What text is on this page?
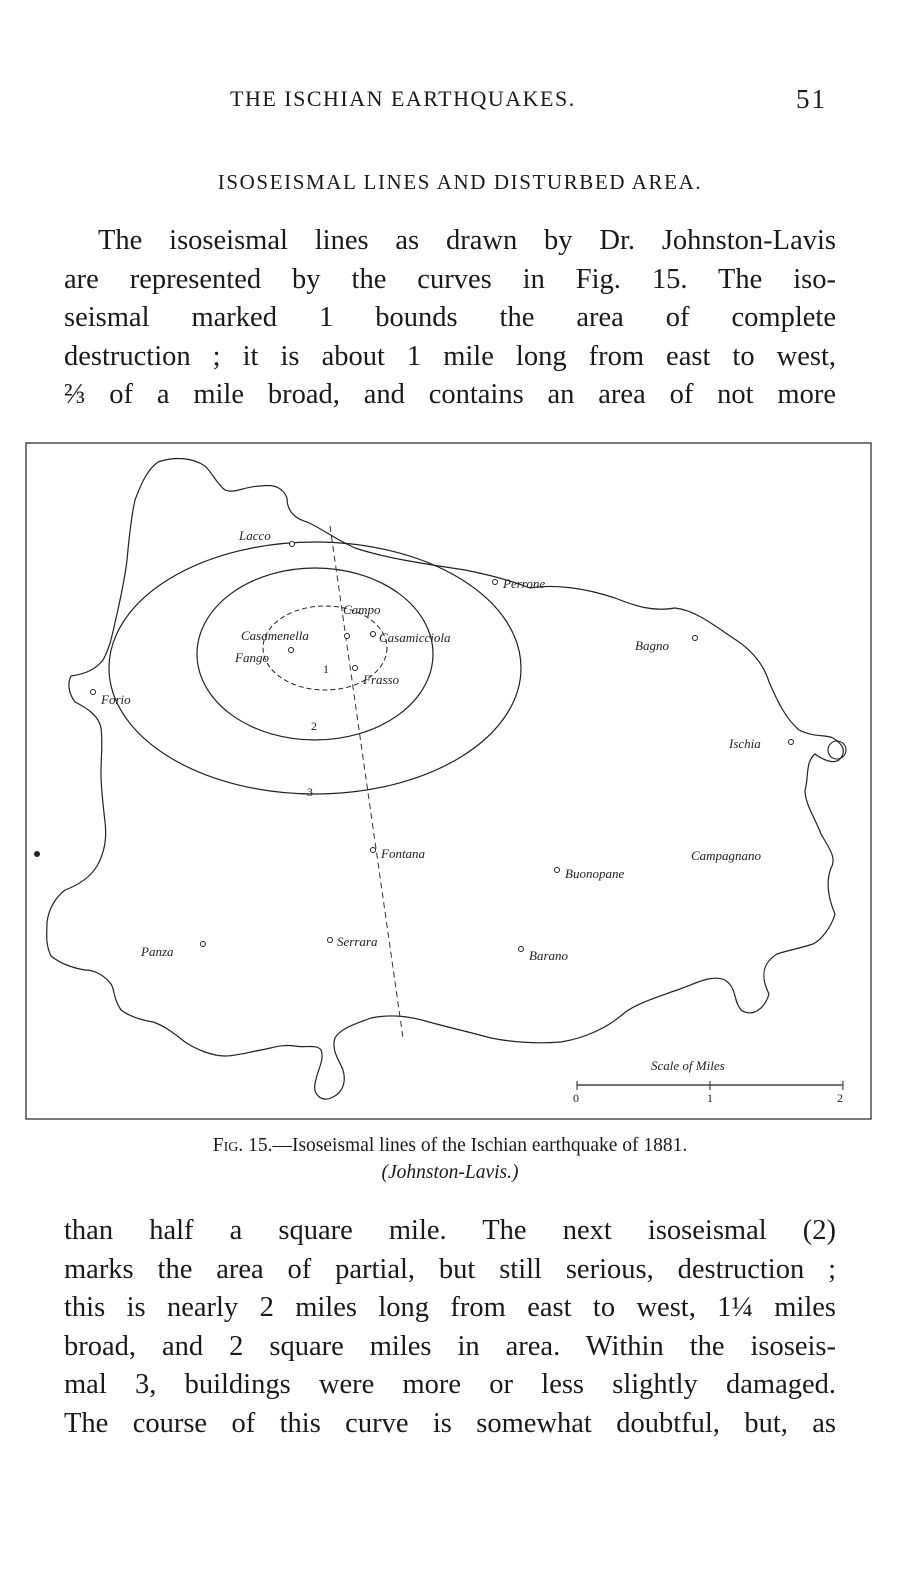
THE ISCHIAN EARTHQUAKES.	51
ISOSEISMAL LINES AND DISTURBED AREA.
The isoseismal lines as drawn by Dr. Johnston-Lavis
are represented by the curves in Fig. 15. The iso-
seismal marked 1 bounds the area of complete
destruction ; it is about 1 mile long from east to west,
⅔ of a mile broad, and contains an area of not more
1
2
3
Lacco
Casamenella
Campo
Casamicciola
Fango
Frasso
Perrone
Bagno
Forio
Ischia
Fontana	Campagnano
Buonopane
Panza
Serrara
Barano
Scale of Miles
0	1	2
Fig. 15.—Isoseismal lines of the Ischian earthquake of 1881.
(Johnston-Lavis.)
than half a square mile. The next isoseismal (2)
marks the area of partial, but still serious, destruction ;
this is nearly 2 miles long from east to west, 1¼ miles
broad, and 2 square miles in area. Within the isoseis-
mal 3, buildings were more or less slightly damaged.
The course of this curve is somewhat doubtful, but, as
